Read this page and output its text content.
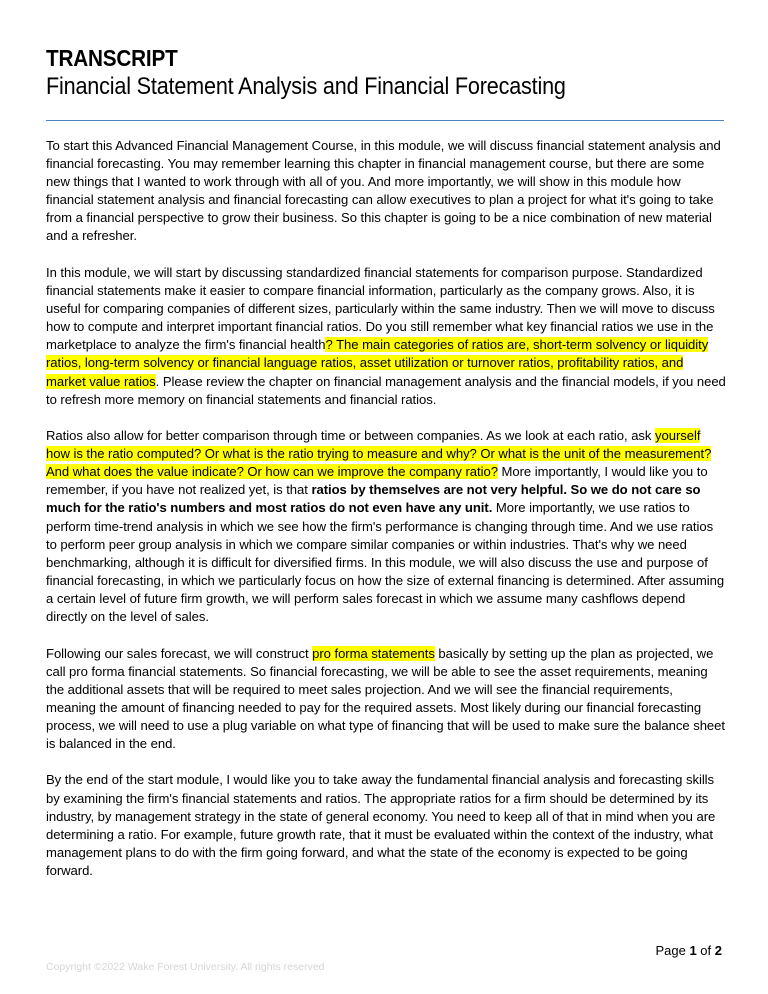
TRANSCRIPT
Financial Statement Analysis and Financial Forecasting

To start this Advanced Financial Management Course, in this module, we will discuss financial statement analysis and financial forecasting. You may remember learning this chapter in financial management course, but there are some new things that I wanted to work through with all of you. And more importantly, we will show in this module how financial statement analysis and financial forecasting can allow executives to plan a project for what it's going to take from a financial perspective to grow their business. So this chapter is going to be a nice combination of new material and a refresher.

In this module, we will start by discussing standardized financial statements for comparison purpose. Standardized financial statements make it easier to compare financial information, particularly as the company grows. Also, it is useful for comparing companies of different sizes, particularly within the same industry. Then we will move to discuss how to compute and interpret important financial ratios. Do you still remember what key financial ratios we use in the marketplace to analyze the firm's financial health? The main categories of ratios are, short-term solvency or liquidity ratios, long-term solvency or financial language ratios, asset utilization or turnover ratios, profitability ratios, and market value ratios. Please review the chapter on financial management analysis and the financial models, if you need to refresh more memory on financial statements and financial ratios.

Ratios also allow for better comparison through time or between companies. As we look at each ratio, ask yourself how is the ratio computed? Or what is the ratio trying to measure and why? Or what is the unit of the measurement? And what does the value indicate? Or how can we improve the company ratio? More importantly, I would like you to remember, if you have not realized yet, is that ratios by themselves are not very helpful. So we do not care so much for the ratio's numbers and most ratios do not even have any unit. More importantly, we use ratios to perform time-trend analysis in which we see how the firm's performance is changing through time. And we use ratios to perform peer group analysis in which we compare similar companies or within industries. That's why we need benchmarking, although it is difficult for diversified firms. In this module, we will also discuss the use and purpose of financial forecasting, in which we particularly focus on how the size of external financing is determined. After assuming a certain level of future firm growth, we will perform sales forecast in which we assume many cashflows depend directly on the level of sales.

Following our sales forecast, we will construct pro forma statements basically by setting up the plan as projected, we call pro forma financial statements. So financial forecasting, we will be able to see the asset requirements, meaning the additional assets that will be required to meet sales projection. And we will see the financial requirements, meaning the amount of financing needed to pay for the required assets. Most likely during our financial forecasting process, we will need to use a plug variable on what type of financing that will be used to make sure the balance sheet is balanced in the end.

By the end of the start module, I would like you to take away the fundamental financial analysis and forecasting skills by examining the firm's financial statements and ratios. The appropriate ratios for a firm should be determined by its industry, by management strategy in the state of general economy. You need to keep all of that in mind when you are determining a ratio. For example, future growth rate, that it must be evaluated within the context of the industry, what management plans to do with the firm going forward, and what the state of the economy is expected to be going forward.

Page 1 of 2
Copyright ©2022 Wake Forest University. All rights reserved
